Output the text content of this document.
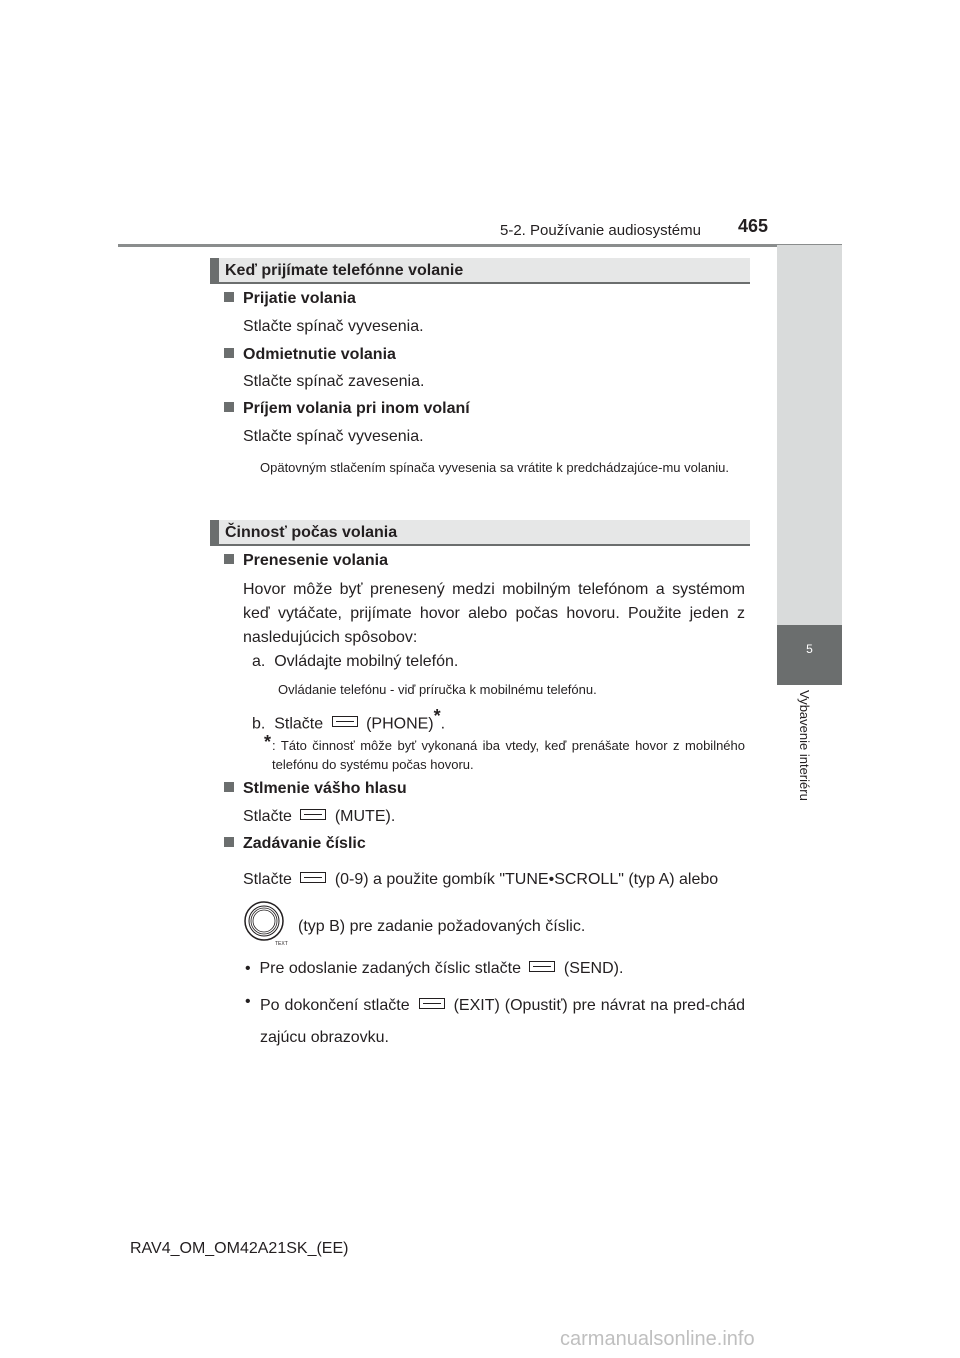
5-2. Používanie audiosystému 465
5
Vybavenie interiéru
Keď prijímate telefónne volanie
Prijatie volania
Stlačte spínač vyvesenia.
Odmietnutie volania
Stlačte spínač zavesenia.
Príjem volania pri inom volaní
Stlačte spínač vyvesenia.
Opätovným stlačením spínača vyvesenia sa vrátite k predchádzajúce-mu volaniu.
Činnosť počas volania
Prenesenie volania
Hovor môže byť prenesený medzi mobilným telefónom a systémom keď vytáčate, prijímate hovor alebo počas hovoru. Použite jeden z nasledujúcich spôsobov:
a. Ovládajte mobilný telefón.
Ovládanie telefónu - viď príručka k mobilnému telefónu.
b. Stlačte	(PHONE)*.
* : Táto činnosť môže byť vykonaná iba vtedy, keď prenášate hovor z mobilného telefónu do systému počas hovoru.
Stlmenie vášho hlasu
Stlačte	(MUTE).
Zadávanie číslic
Stlačte	(0-9) a použite gombík "TUNE•SCROLL" (typ A) alebo
TEXT
(typ B) pre zadanie požadovaných číslic.
•  Pre odoslanie zadaných číslic stlačte	(SEND).
• Po dokončení stlačte	(EXIT) (Opustiť) pre návrat na pred-chádzajúcu obrazovku.
RAV4_OM_OM42A21SK_(EE)
carmanualsonline.info
